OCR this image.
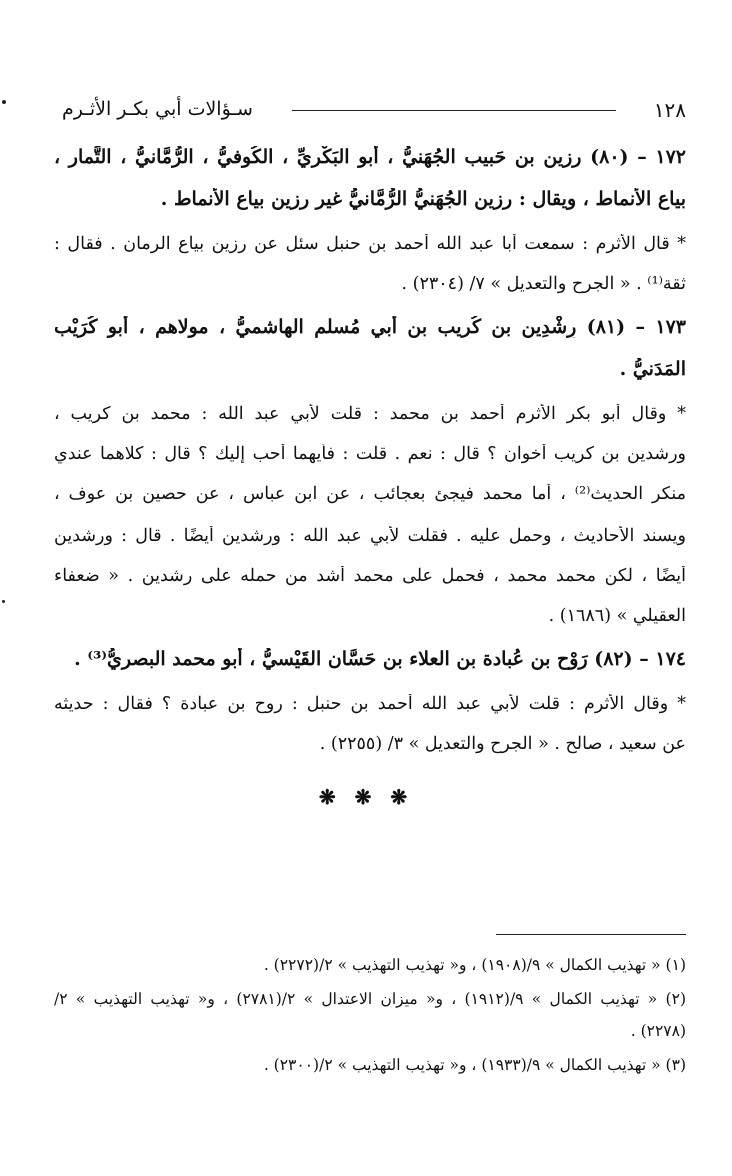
١٢٨
سـؤالات أبي بكـر الأثـرم
١٧٢ – (٨٠) رزين بن حَبيب الجُهَنيُّ ، أبو البَكْريِّ ، الكُوفيُّ ، الرُّمَّانيُّ ، التَّمار ،
بياع الأنماط ، ويقال : رزين الجُهَنيُّ الرُّمَّانيُّ غير رزين بياع الأنماط .
* قال الأثرم : سمعت أبا عبد الله أحمد بن حنبل سئل عن رزين بياع الرمان . فقال :
ثقة⁽¹⁾ . « الجرح والتعديل » ٧/ (٢٣٠٤) .
١٧٣ – (٨١) رِشْدِين بن كُريب بن أبي مُسلم الهاشميُّ ، مولاهم ، أبو كُرَيْب
المَدَنيُّ .
* وقال أبو بكر الأثرم أحمد بن محمد : قلت لأبي عبد الله : محمد بن كريب ،
ورشدين بن كريب أخوان ؟ قال : نعم . قلت : فأيهما أحب إليك ؟ قال : كلاهما عندي
منكر الحديث⁽²⁾ ، أما محمد فيجئ بعجائب ، عن ابن عباس ، عن حصين بن عوف ،
ويسند الأحاديث ، وحمل عليه . فقلت لأبي عبد الله : ورشدين أيضًا . قال : ورشدين
أيضًا ، لكن محمد محمد ، فحمل على محمد أشد من حمله على رشدين . « ضعفاء
العقيلي » (١٦٨٦) .
١٧٤ – (٨٢) رَوْح بن عُبادة بن العلاء بن حَسَّان القَيْسيُّ ، أبو محمد البصريُّ⁽³⁾ .
* وقال الأثرم : قلت لأبي عبد الله أحمد بن حنبل : روح بن عبادة ؟ فقال : حديثه
عن سعيد ، صالح . « الجرح والتعديل » ٣/ (٢٢٥٥) .
❋ ❋ ❋
(١) « تهذيب الكمال » ٩/(١٩٠٨) ، و« تهذيب التهذيب » ٢/(٢٢٧٢) .
(٢) « تهذيب الكمال » ٩/(١٩١٢) ، و« ميزان الاعتدال » ٢/(٢٧٨١) ، و« تهذيب التهذيب » ٢/
(٢٢٧٨) .
(٣) « تهذيب الكمال » ٩/(١٩٣٣) ، و« تهذيب التهذيب » ٢/(٢٣٠٠) .
